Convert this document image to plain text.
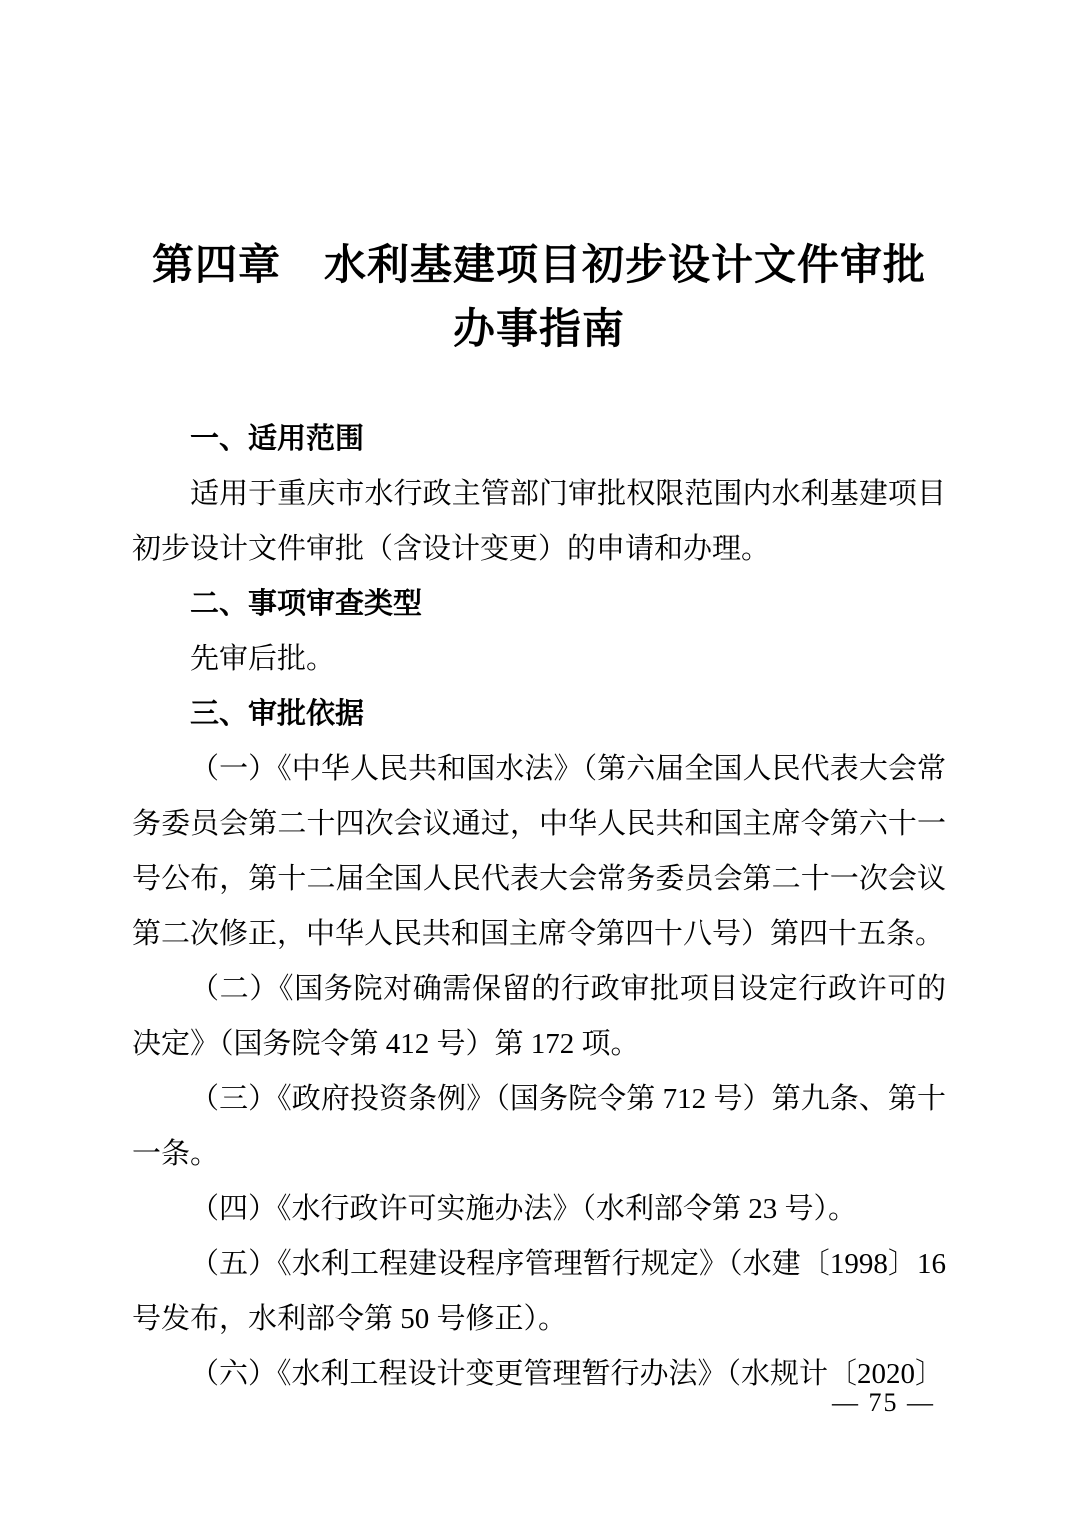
第四章　水利基建项目初步设计文件审批
办事指南

一、适用范围

适用于重庆市水行政主管部门审批权限范围内水利基建项目初步设计文件审批（含设计变更）的申请和办理。

二、事项审查类型

先审后批。

三、审批依据

（一）《中华人民共和国水法》（第六届全国人民代表大会常务委员会第二十四次会议通过，中华人民共和国主席令第六十一号公布，第十二届全国人民代表大会常务委员会第二十一次会议第二次修正，中华人民共和国主席令第四十八号）第四十五条。

（二）《国务院对确需保留的行政审批项目设定行政许可的决定》（国务院令第 412 号）第 172 项。

（三）《政府投资条例》（国务院令第 712 号）第九条、第十一条。

（四）《水行政许可实施办法》（水利部令第 23 号）。

（五）《水利工程建设程序管理暂行规定》（水建〔1998〕16 号发布，水利部令第 50 号修正）。

（六）《水利工程设计变更管理暂行办法》（水规计〔2020〕

— 75 —
